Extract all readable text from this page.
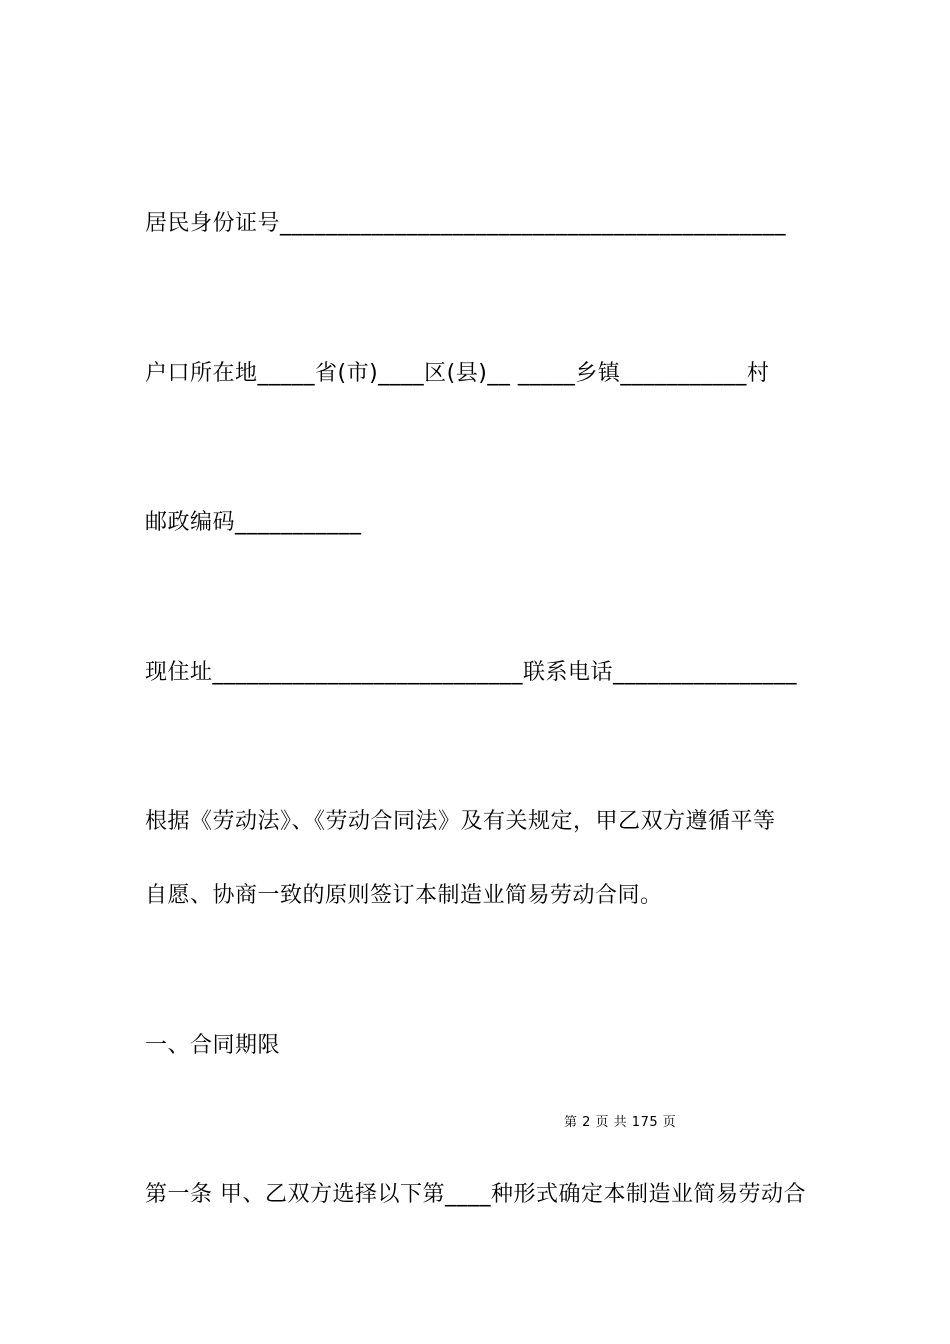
居民身份证号____________________________________________
户口所在地_____省(市)____区(县)__ _____乡镇___________村
邮政编码___________
现住址___________________________联系电话________________
根据《劳动法》、《劳动合同法》及有关规定，甲乙双方遵循平等
自愿、协商一致的原则签订本制造业简易劳动合同。
一、合同期限
第 2 页 共 175 页
第一条 甲、乙双方选择以下第____种形式确定本制造业简易劳动合
